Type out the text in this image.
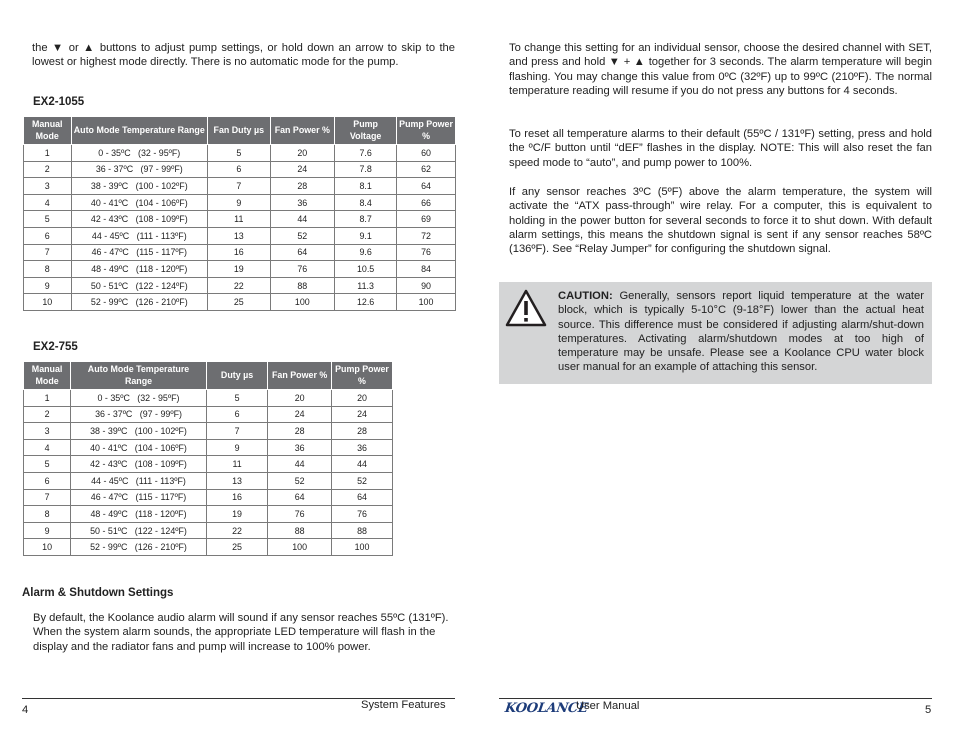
the ▼ or ▲ buttons to adjust pump settings, or hold down an arrow to skip to the lowest or highest mode directly. There is no automatic mode for the pump.

EX2-1055
Manual Mode	Auto Mode Temperature Range	Fan Duty µs	Fan Power %	Pump Voltage	Pump Power %
1	0 - 35ºC   (32 - 95ºF)	5	20	7.6	60
2	36 - 37ºC   (97 - 99ºF)	6	24	7.8	62
3	38 - 39ºC   (100 - 102ºF)	7	28	8.1	64
4	40 - 41ºC   (104 - 106ºF)	9	36	8.4	66
5	42 - 43ºC   (108 - 109ºF)	11	44	8.7	69
6	44 - 45ºC   (111 - 113ºF)	13	52	9.1	72
7	46 - 47ºC   (115 - 117ºF)	16	64	9.6	76
8	48 - 49ºC   (118 - 120ºF)	19	76	10.5	84
9	50 - 51ºC   (122 - 124ºF)	22	88	11.3	90
10	52 - 99ºC   (126 - 210ºF)	25	100	12.6	100
EX2-755
Manual Mode	Auto Mode Temperature Range	Duty µs	Fan Power %	Pump Power %
1	0 - 35ºC   (32 - 95ºF)	5	20	20
2	36 - 37ºC   (97 - 99ºF)	6	24	24
3	38 - 39ºC   (100 - 102ºF)	7	28	28
4	40 - 41ºC   (104 - 106ºF)	9	36	36
5	42 - 43ºC   (108 - 109ºF)	11	44	44
6	44 - 45ºC   (111 - 113ºF)	13	52	52
7	46 - 47ºC   (115 - 117ºF)	16	64	64
8	48 - 49ºC   (118 - 120ºF)	19	76	76
9	50 - 51ºC   (122 - 124ºF)	22	88	88
10	52 - 99ºC   (126 - 210ºF)	25	100	100
Alarm & Shutdown Settings

By default, the Koolance audio alarm will sound if any sensor reaches 55ºC (131ºF). When the system alarm sounds, the appropriate LED temperature will flash in the display and the radiator fans and pump will increase to 100% power.

4	System Features

To change this setting for an individual sensor, choose the desired channel with SET, and press and hold ▼ + ▲ together for 3 seconds. The alarm temperature will begin flashing. You may change this value from 0ºC (32ºF) up to 99ºC (210ºF). The normal temperature reading will resume if you do not press any buttons for 4 seconds.

To reset all temperature alarms to their default (55ºC / 131ºF) setting, press and hold the ºC/F button until “dEF” flashes in the display. NOTE: This will also reset the fan speed mode to “auto”, and pump power to 100%.

If any sensor reaches 3ºC (5ºF) above the alarm temperature, the system will activate the “ATX pass-through” wire relay. For a computer, this is equivalent to holding in the power button for several seconds to force it to shut down. With default alarm settings, this means the shutdown signal is sent if any sensor reaches 58ºC (136ºF). See “Relay Jumper” for configuring the shutdown signal.

CAUTION: Generally, sensors report liquid temperature at the water block, which is typically 5-10°C (9-18°F) lower than the actual heat source. This difference must be considered if adjusting alarm/shut-down temperatures. Activating alarm/shutdown modes at too high of temperature may be unsafe. Please see a Koolance CPU water block user manual for an example of attaching this sensor.
KOOLANCE
User Manual	5
